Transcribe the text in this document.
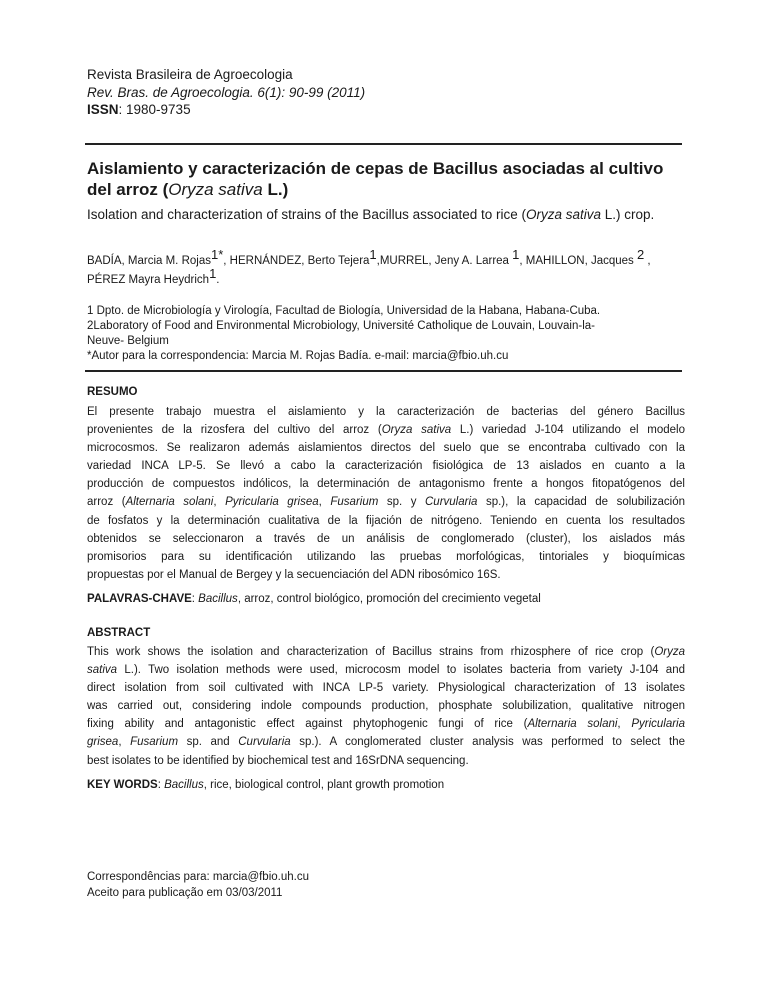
Revista Brasileira de Agroecologia
Rev. Bras. de Agroecologia. 6(1): 90-99 (2011)
ISSN: 1980-9735
Aislamiento y caracterización de cepas de Bacillus asociadas al cultivo del arroz (Oryza sativa L.)
Isolation and characterization of strains of the Bacillus associated to rice (Oryza sativa L.) crop.
BADÍA, Marcia M. Rojas$^{1*}$, HERNÁNDEZ, Berto Tejera$^1$,MURREL, Jeny A. Larrea $^1$, MAHILLON, Jacques $^2$ , PÉREZ Mayra Heydrich$^1$.
1 Dpto. de Microbiología y Virología, Facultad de Biología, Universidad de la Habana, Habana-Cuba.
2Laboratory of Food and Environmental Microbiology, Université Catholique de Louvain, Louvain-la-
Neuve- Belgium
*Autor para la correspondencia: Marcia M. Rojas Badía. e-mail: marcia@fbio.uh.cu
RESUMO
El presente trabajo muestra el aislamiento y la caracterización de bacterias del género Bacillus
provenientes de la rizosfera del cultivo del arroz (Oryza sativa L.) variedad J-104 utilizando el modelo
microcosmos. Se realizaron además aislamientos directos del suelo que se encontraba cultivado con la
variedad INCA LP-5. Se llevó a cabo la caracterización fisiológica de 13 aislados en cuanto a la
producción de compuestos indólicos, la determinación de antagonismo frente a hongos fitopatógenos del
arroz (Alternaria solani, Pyricularia grisea, Fusarium sp. y Curvularia sp.), la capacidad de solubilización
de fosfatos y la determinación cualitativa de la fijación de nitrógeno. Teniendo en cuenta los resultados
obtenidos se seleccionaron a través de un análisis de conglomerado (cluster), los aislados más
promisorios para su identificación utilizando las pruebas morfológicas, tintoriales y bioquímicas
propuestas por el Manual de Bergey y la secuenciación del ADN ribosómico 16S.
PALAVRAS-CHAVE: Bacillus, arroz, control biológico, promoción del crecimiento vegetal
ABSTRACT
This work shows the isolation and characterization of Bacillus strains from rhizosphere of rice crop (Oryza
sativa L.). Two isolation methods were used, microcosm model to isolates bacteria from variety J-104 and
direct isolation from soil cultivated with INCA LP-5 variety. Physiological characterization of 13 isolates
was carried out, considering indole compounds production, phosphate solubilization, qualitative nitrogen
fixing ability and antagonistic effect against phytophogenic fungi of rice (Alternaria solani, Pyricularia
grisea, Fusarium sp. and Curvularia sp.). A conglomerated cluster analysis was performed to select the
best isolates to be identified by biochemical test and 16SrDNA sequencing.
KEY WORDS: Bacillus, rice, biological control, plant growth promotion
Correspondências para: marcia@fbio.uh.cu
Aceito para publicação em 03/03/2011
